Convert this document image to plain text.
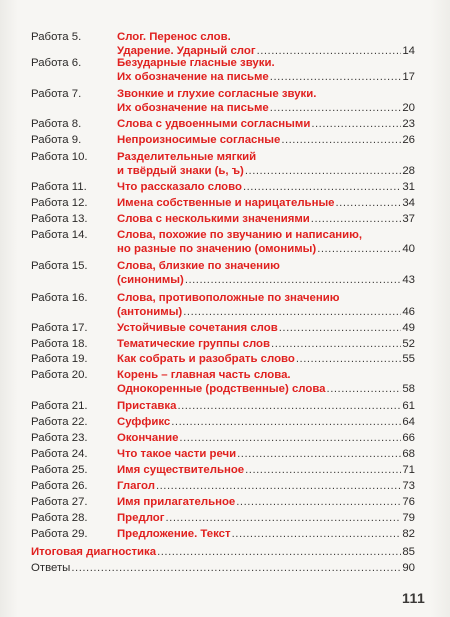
Работа 5.	Слог. Перенос слов.
Ударение. Ударный слог .....	14
Работа 6.	Безударные гласные звуки.
Их обозначение на письме .....	17
Работа 7.	Звонкие и глухие согласные звуки.
Их обозначение на письме .....	20
Работа 8.	Слова с удвоенными согласными .....	23
Работа 9.	Непроизносимые согласные .....	26
Работа 10.	Разделительные мягкий
и твёрдый знаки (ь, ъ) .....	28
Работа 11.	Что рассказало слово .....	31
Работа 12.	Имена собственные и нарицательные .....	34
Работа 13.	Слова с несколькими значениями .....	37
Работа 14.	Слова, похожие по звучанию и написанию,
но разные по значению (омонимы) .....	40
Работа 15.	Слова, близкие по значению
(синонимы) .....	43
Работа 16.	Слова, противоположные по значению
(антонимы) .....	46
Работа 17.	Устойчивые сочетания слов .....	49
Работа 18.	Тематические группы слов .....	52
Работа 19.	Как собрать и разобрать слово .....	55
Работа 20.	Корень – главная часть слова.
Однокоренные (родственные) слова .....	58
Работа 21.	Приставка .....	61
Работа 22.	Суффикс .....	64
Работа 23.	Окончание .....	66
Работа 24.	Что такое части речи .....	68
Работа 25.	Имя существительное .....	71
Работа 26.	Глагол .....	73
Работа 27.	Имя прилагательное .....	76
Работа 28.	Предлог .....	79
Работа 29.	Предложение. Текст .....	82
Итоговая диагностика .....	85
Ответы .....	90
111
